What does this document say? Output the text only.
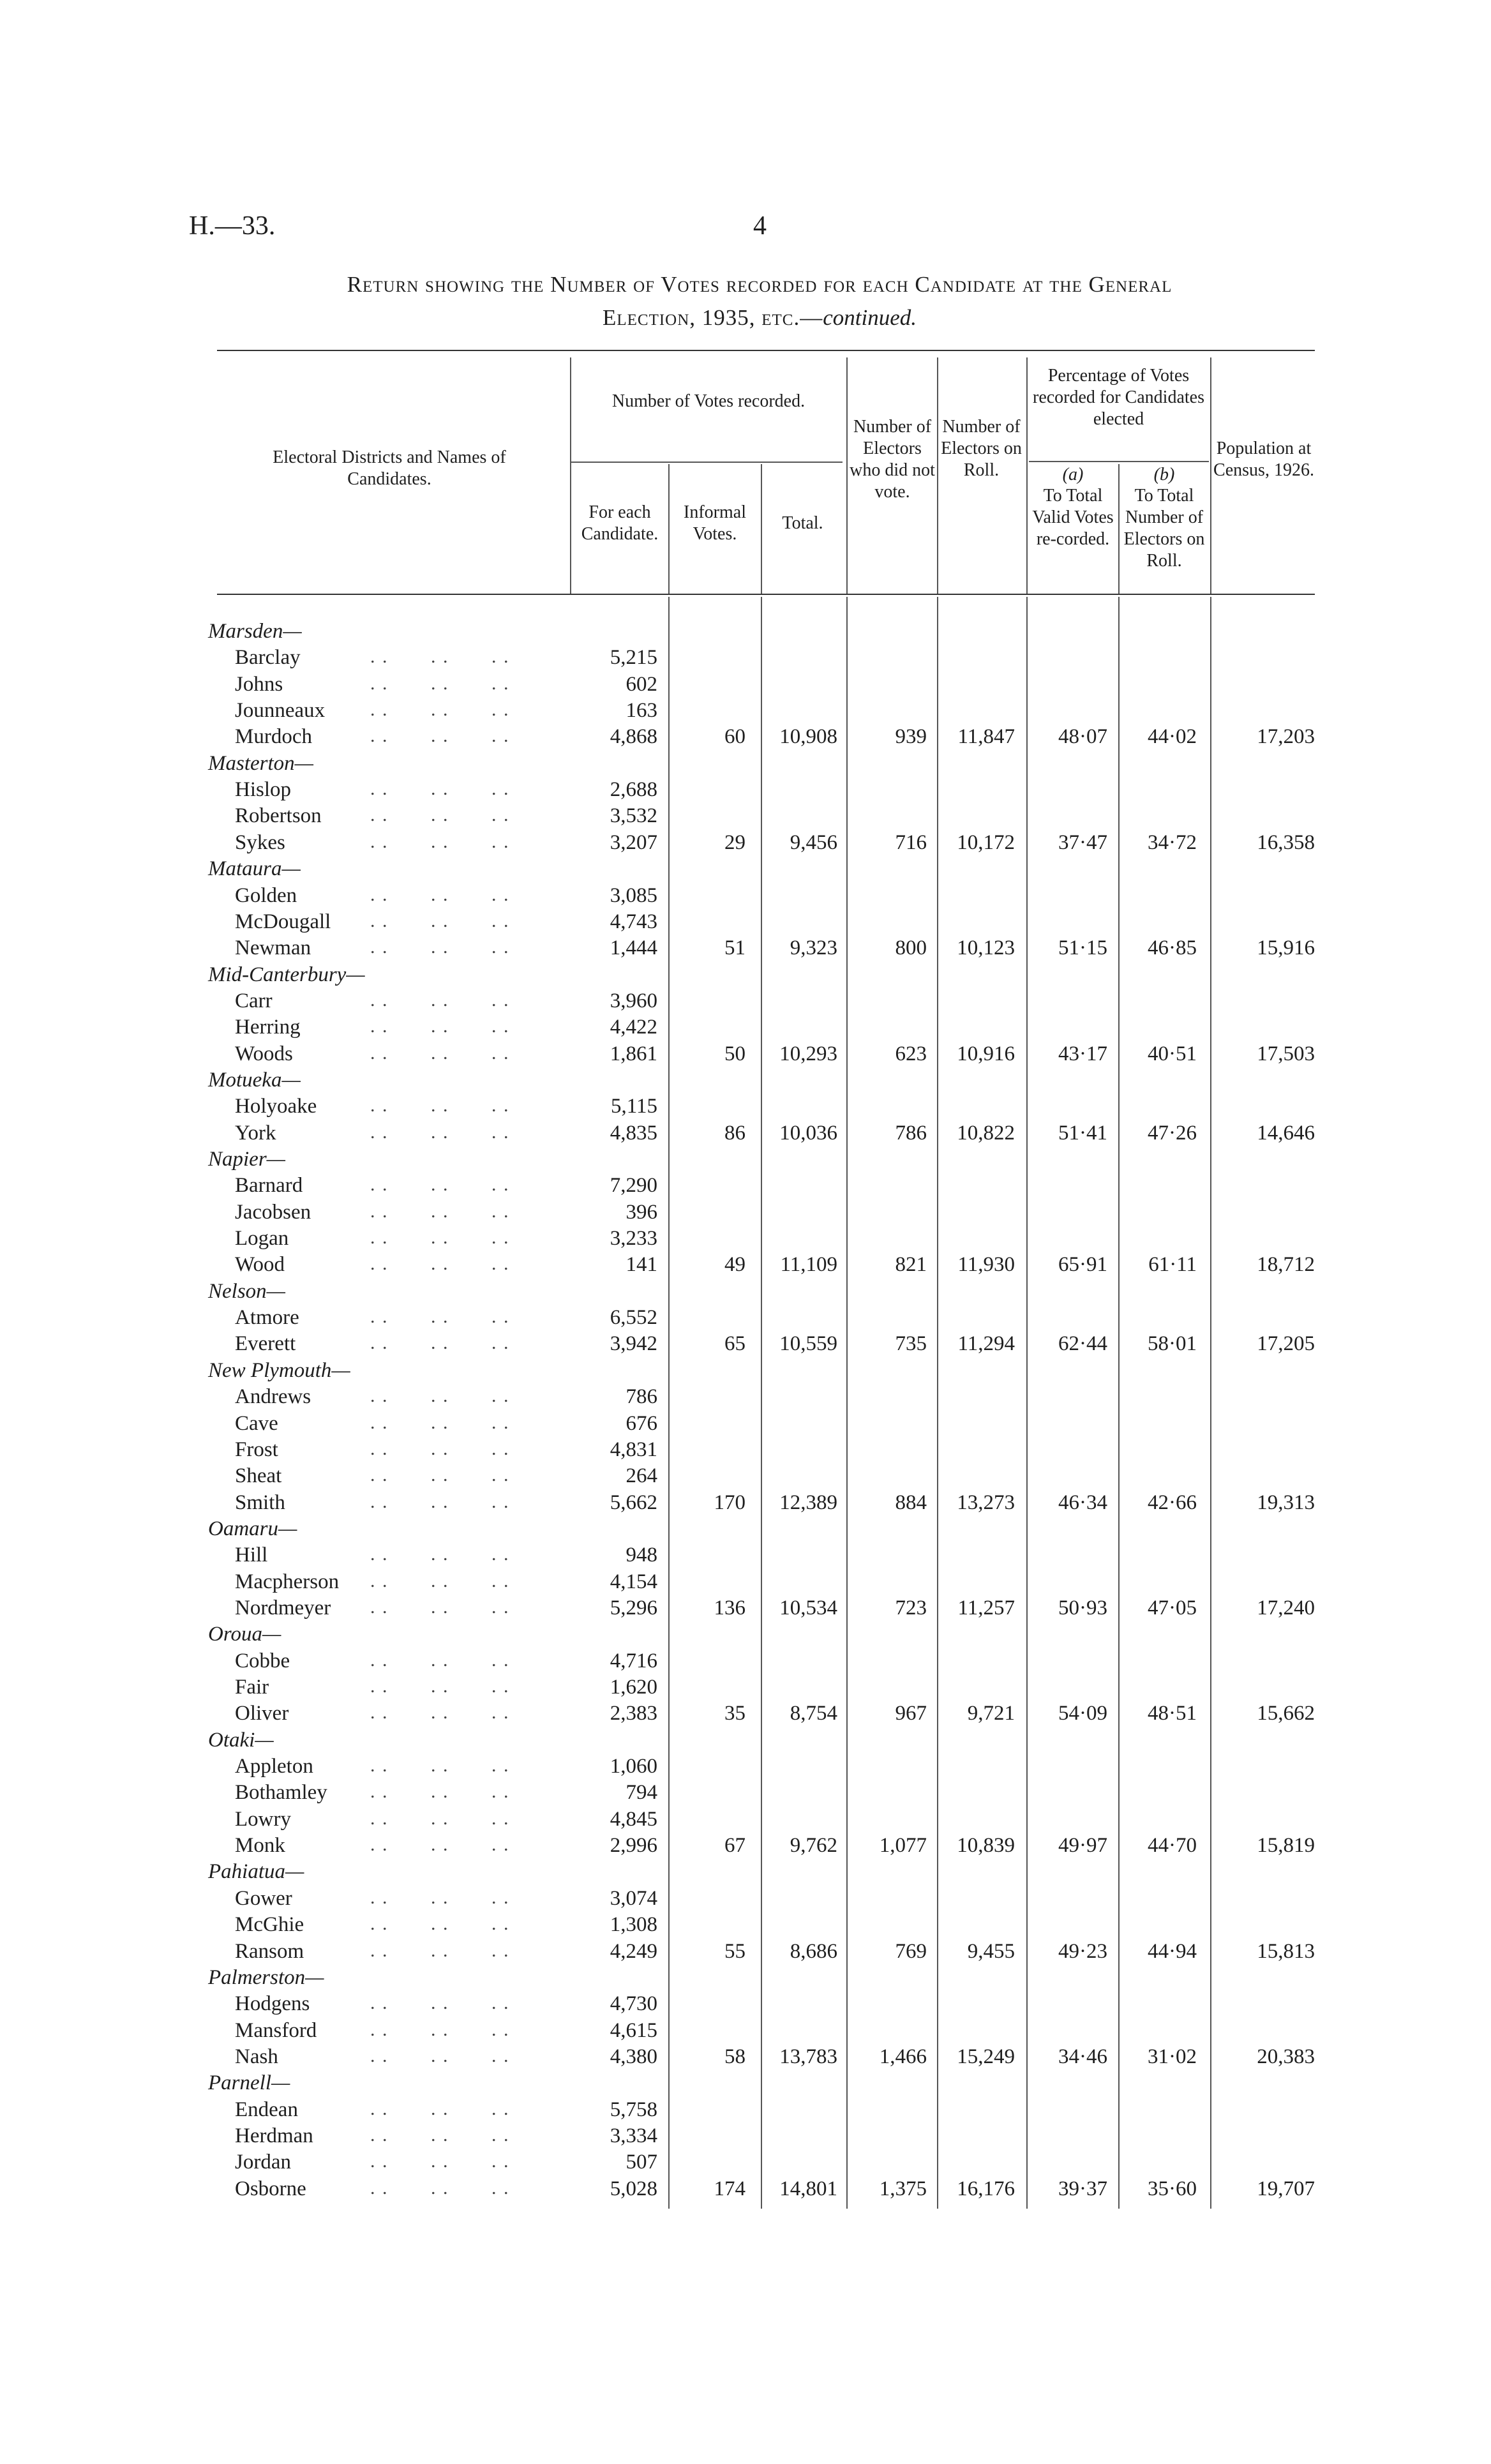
H.—33.	4
Return showing the Number of Votes recorded for each Candidate at the General
Election, 1935, etc.—continued.
Electoral Districts and Names of Candidates.
Number of Votes recorded.
For each Candidate.
Informal Votes.
Total.
Number of Electors who did not vote.
Number of Electors on Roll.
Percentage of Votes recorded for Candidates elected
(a)
To Total Valid Votes re-corded.
(b)
To Total Number of Electors on Roll.
Population at Census, 1926.
Marsden—
Barclay	. .       . .       . .	5,215
Johns	. .       . .       . .	602
Jounneaux . .       . .       . .	163
Murdoch	. .       . .       . .	4,868	60	10,908	939	11,847	48·07	44·02	17,203
Masterton—
Hislop	. .       . .       . .	2,688
Robertson	. .       . .       . .	3,532
Sykes	. .       . .       . .	3,207	29	9,456	716	10,172	37·47	34·72	16,358
Mataura—
Golden	. .       . .       . .	3,085
McDougall . .       . .       . .	4,743
Newman	. .       . .       . .	1,444	51	9,323	800	10,123	51·15	46·85	15,916
Mid-Canterbury—
Carr	. .       . .       . .	3,960
Herring	. .       . .       . .	4,422
Woods	. .       . .       . .	1,861	50	10,293	623	10,916	43·17	40·51	17,503
Motueka—
Holyoake	. .       . .       . .	5,115
York	. .       . .       . .	4,835	86	10,036	786	10,822	51·41	47·26	14,646
Napier—
Barnard	. .       . .       . .	7,290
Jacobsen	. .       . .       . .	396
Logan	. .       . .       . .	3,233
Wood	. .       . .       . .	141	49	11,109	821	11,930	65·91	61·11	18,712
Nelson—
Atmore	. .       . .       . .	6,552
Everett	. .       . .       . .	3,942	65	10,559	735	11,294	62·44	58·01	17,205
New Plymouth—
Andrews	. .       . .       . .	786
Cave	. .       . .       . .	676
Frost	. .       . .       . .	4,831
Sheat	. .       . .       . .	264
Smith	. .       . .       . .	5,662	170	12,389	884	13,273	46·34	42·66	19,313
Oamaru—
Hill	. .       . .       . .	948
Macpherson . .       . .       . .	4,154
Nordmeyer . .       . .       . .	5,296	136	10,534	723	11,257	50·93	47·05	17,240
Oroua—
Cobbe	. .       . .       . .	4,716
Fair	. .       . .       . .	1,620
Oliver	. .       . .       . .	2,383	35	8,754	967	9,721	54·09	48·51	15,662
Otaki—
Appleton	. .       . .       . .	1,060
Bothamley . .       . .       . .	794
Lowry	. .       . .       . .	4,845
Monk	. .       . .       . .	2,996	67	9,762	1,077	10,839	49·97	44·70	15,819
Pahiatua—
Gower	. .       . .       . .	3,074
McGhie	. .       . .       . .	1,308
Ransom	. .       . .       . .	4,249	55	8,686	769	9,455	49·23	44·94	15,813
Palmerston—
Hodgens	. .       . .       . .	4,730
Mansford	. .       . .       . .	4,615
Nash	. .       . .       . .	4,380	58	13,783	1,466	15,249	34·46	31·02	20,383
Parnell—
Endean	. .       . .       . .	5,758
Herdman	. .       . .       . .	3,334
Jordan	. .       . .       . .	507
Osborne	. .       . .       . .	5,028	174	14,801	1,375	16,176	39·37	35·60	19,707
